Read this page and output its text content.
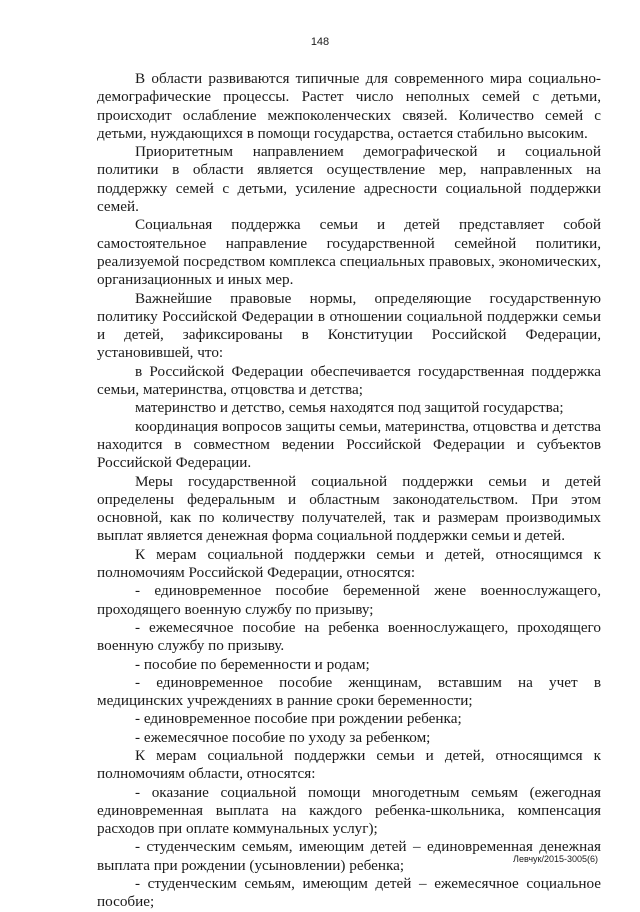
148

В области развиваются типичные для современного мира социально-демографические процессы. Растет число неполных семей с детьми, происходит ослабление межпоколенческих связей. Количество семей с детьми, нуждающихся в помощи государства, остается стабильно высоким.

Приоритетным направлением демографической и социальной политики в области является осуществление мер, направленных на поддержку семей с детьми, усиление адресности социальной поддержки семей.

Социальная поддержка семьи и детей представляет собой самостоятельное направление государственной семейной политики, реализуемой посредством комплекса специальных правовых, экономических, организационных и иных мер.

Важнейшие правовые нормы, определяющие государственную политику Российской Федерации в отношении социальной поддержки семьи и детей, зафиксированы в Конституции Российской Федерации, установившей, что:

в Российской Федерации обеспечивается государственная поддержка семьи, материнства, отцовства и детства;

материнство и детство, семья находятся под защитой государства;

координация вопросов защиты семьи, материнства, отцовства и детства находится в совместном ведении Российской Федерации и субъектов Российской Федерации.

Меры государственной социальной поддержки семьи и детей определены федеральным и областным законодательством. При этом основной, как по количеству получателей, так и размерам производимых выплат является денежная форма социальной поддержки семьи и детей.

К мерам социальной поддержки семьи и детей, относящимся к полномочиям Российской Федерации, относятся:

- единовременное пособие беременной жене военнослужащего, проходящего военную службу по призыву;

- ежемесячное пособие на ребенка военнослужащего, проходящего военную службу по призыву.

- пособие по беременности и родам;

- единовременное пособие женщинам, вставшим на учет в медицинских учреждениях в ранние сроки беременности;

- единовременное пособие при рождении ребенка;

- ежемесячное пособие по уходу за ребенком;

К мерам социальной поддержки семьи и детей, относящимся к полномочиям области, относятся:

- оказание социальной помощи многодетным семьям (ежегодная единовременная выплата на каждого ребенка-школьника, компенсация расходов при оплате коммунальных услуг);

- студенческим семьям, имеющим детей – единовременная денежная выплата при рождении (усыновлении) ребенка;

- студенческим семьям, имеющим детей – ежемесячное социальное пособие;

Левчук/2015-3005(6)
